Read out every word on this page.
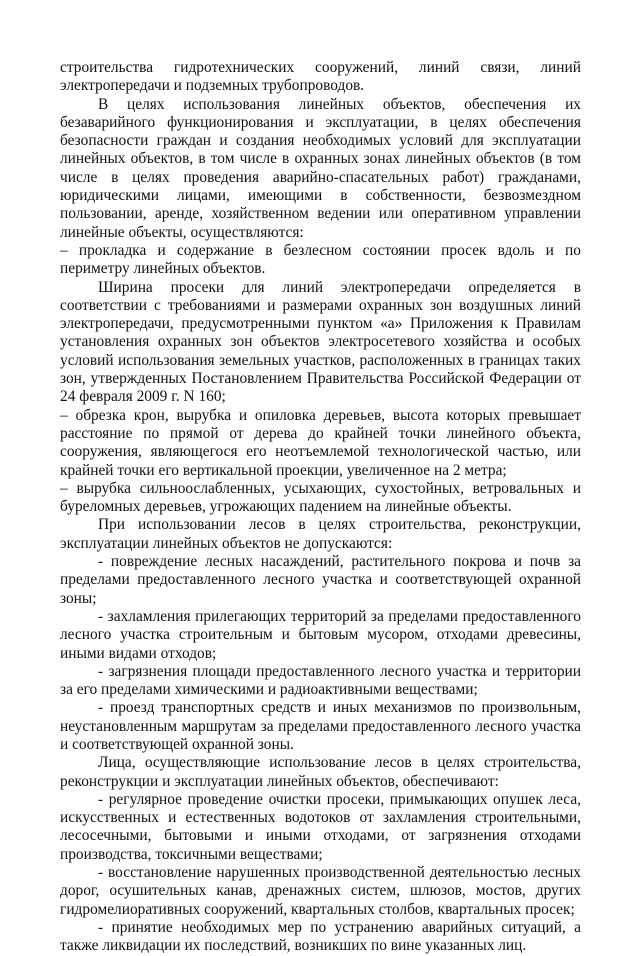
строительства гидротехнических сооружений, линий связи, линий электропередачи и подземных трубопроводов.

В целях использования линейных объектов, обеспечения их безаварийного функционирования и эксплуатации, в целях обеспечения безопасности граждан и создания необходимых условий для эксплуатации линейных объектов, в том числе в охранных зонах линейных объектов (в том числе в целях проведения аварийно-спасательных работ) гражданами, юридическими лицами, имеющими в собственности, безвозмездном пользовании, аренде, хозяйственном ведении или оперативном управлении линейные объекты, осуществляются:

– прокладка и содержание в безлесном состоянии просек вдоль и по периметру линейных объектов.

Ширина просеки для линий электропередачи определяется в соответствии с требованиями и размерами охранных зон воздушных линий электропередачи, предусмотренными пунктом «а» Приложения к Правилам установления охранных зон объектов электросетевого хозяйства и особых условий использования земельных участков, расположенных в границах таких зон, утвержденных Постановлением Правительства Российской Федерации от 24 февраля 2009 г. N 160;

– обрезка крон, вырубка и опиловка деревьев, высота которых превышает расстояние по прямой от дерева до крайней точки линейного объекта, сооружения, являющегося его неотъемлемой технологической частью, или крайней точки его вертикальной проекции, увеличенное на 2 метра;

– вырубка сильноослабленных, усыхающих, сухостойных, ветровальных и буреломных деревьев, угрожающих падением на линейные объекты.

При использовании лесов в целях строительства, реконструкции, эксплуатации линейных объектов не допускаются:

- повреждение лесных насаждений, растительного покрова и почв за пределами предоставленного лесного участка и соответствующей охранной зоны;

- захламления прилегающих территорий за пределами предоставленного лесного участка строительным и бытовым мусором, отходами древесины, иными видами отходов;

- загрязнения площади предоставленного лесного участка и территории за его пределами химическими и радиоактивными веществами;

- проезд транспортных средств и иных механизмов по произвольным, неустановленным маршрутам за пределами предоставленного лесного участка и соответствующей охранной зоны.

Лица, осуществляющие использование лесов в целях строительства, реконструкции и эксплуатации линейных объектов, обеспечивают:

- регулярное проведение очистки просеки, примыкающих опушек леса, искусственных и естественных водотоков от захламления строительными, лесосечными, бытовыми и иными отходами, от загрязнения отходами производства, токсичными веществами;

- восстановление нарушенных производственной деятельностью лесных дорог, осушительных канав, дренажных систем, шлюзов, мостов, других гидромелиоративных сооружений, квартальных столбов, квартальных просек;

- принятие необходимых мер по устранению аварийных ситуаций, а также ликвидации их последствий, возникших по вине указанных лиц.
